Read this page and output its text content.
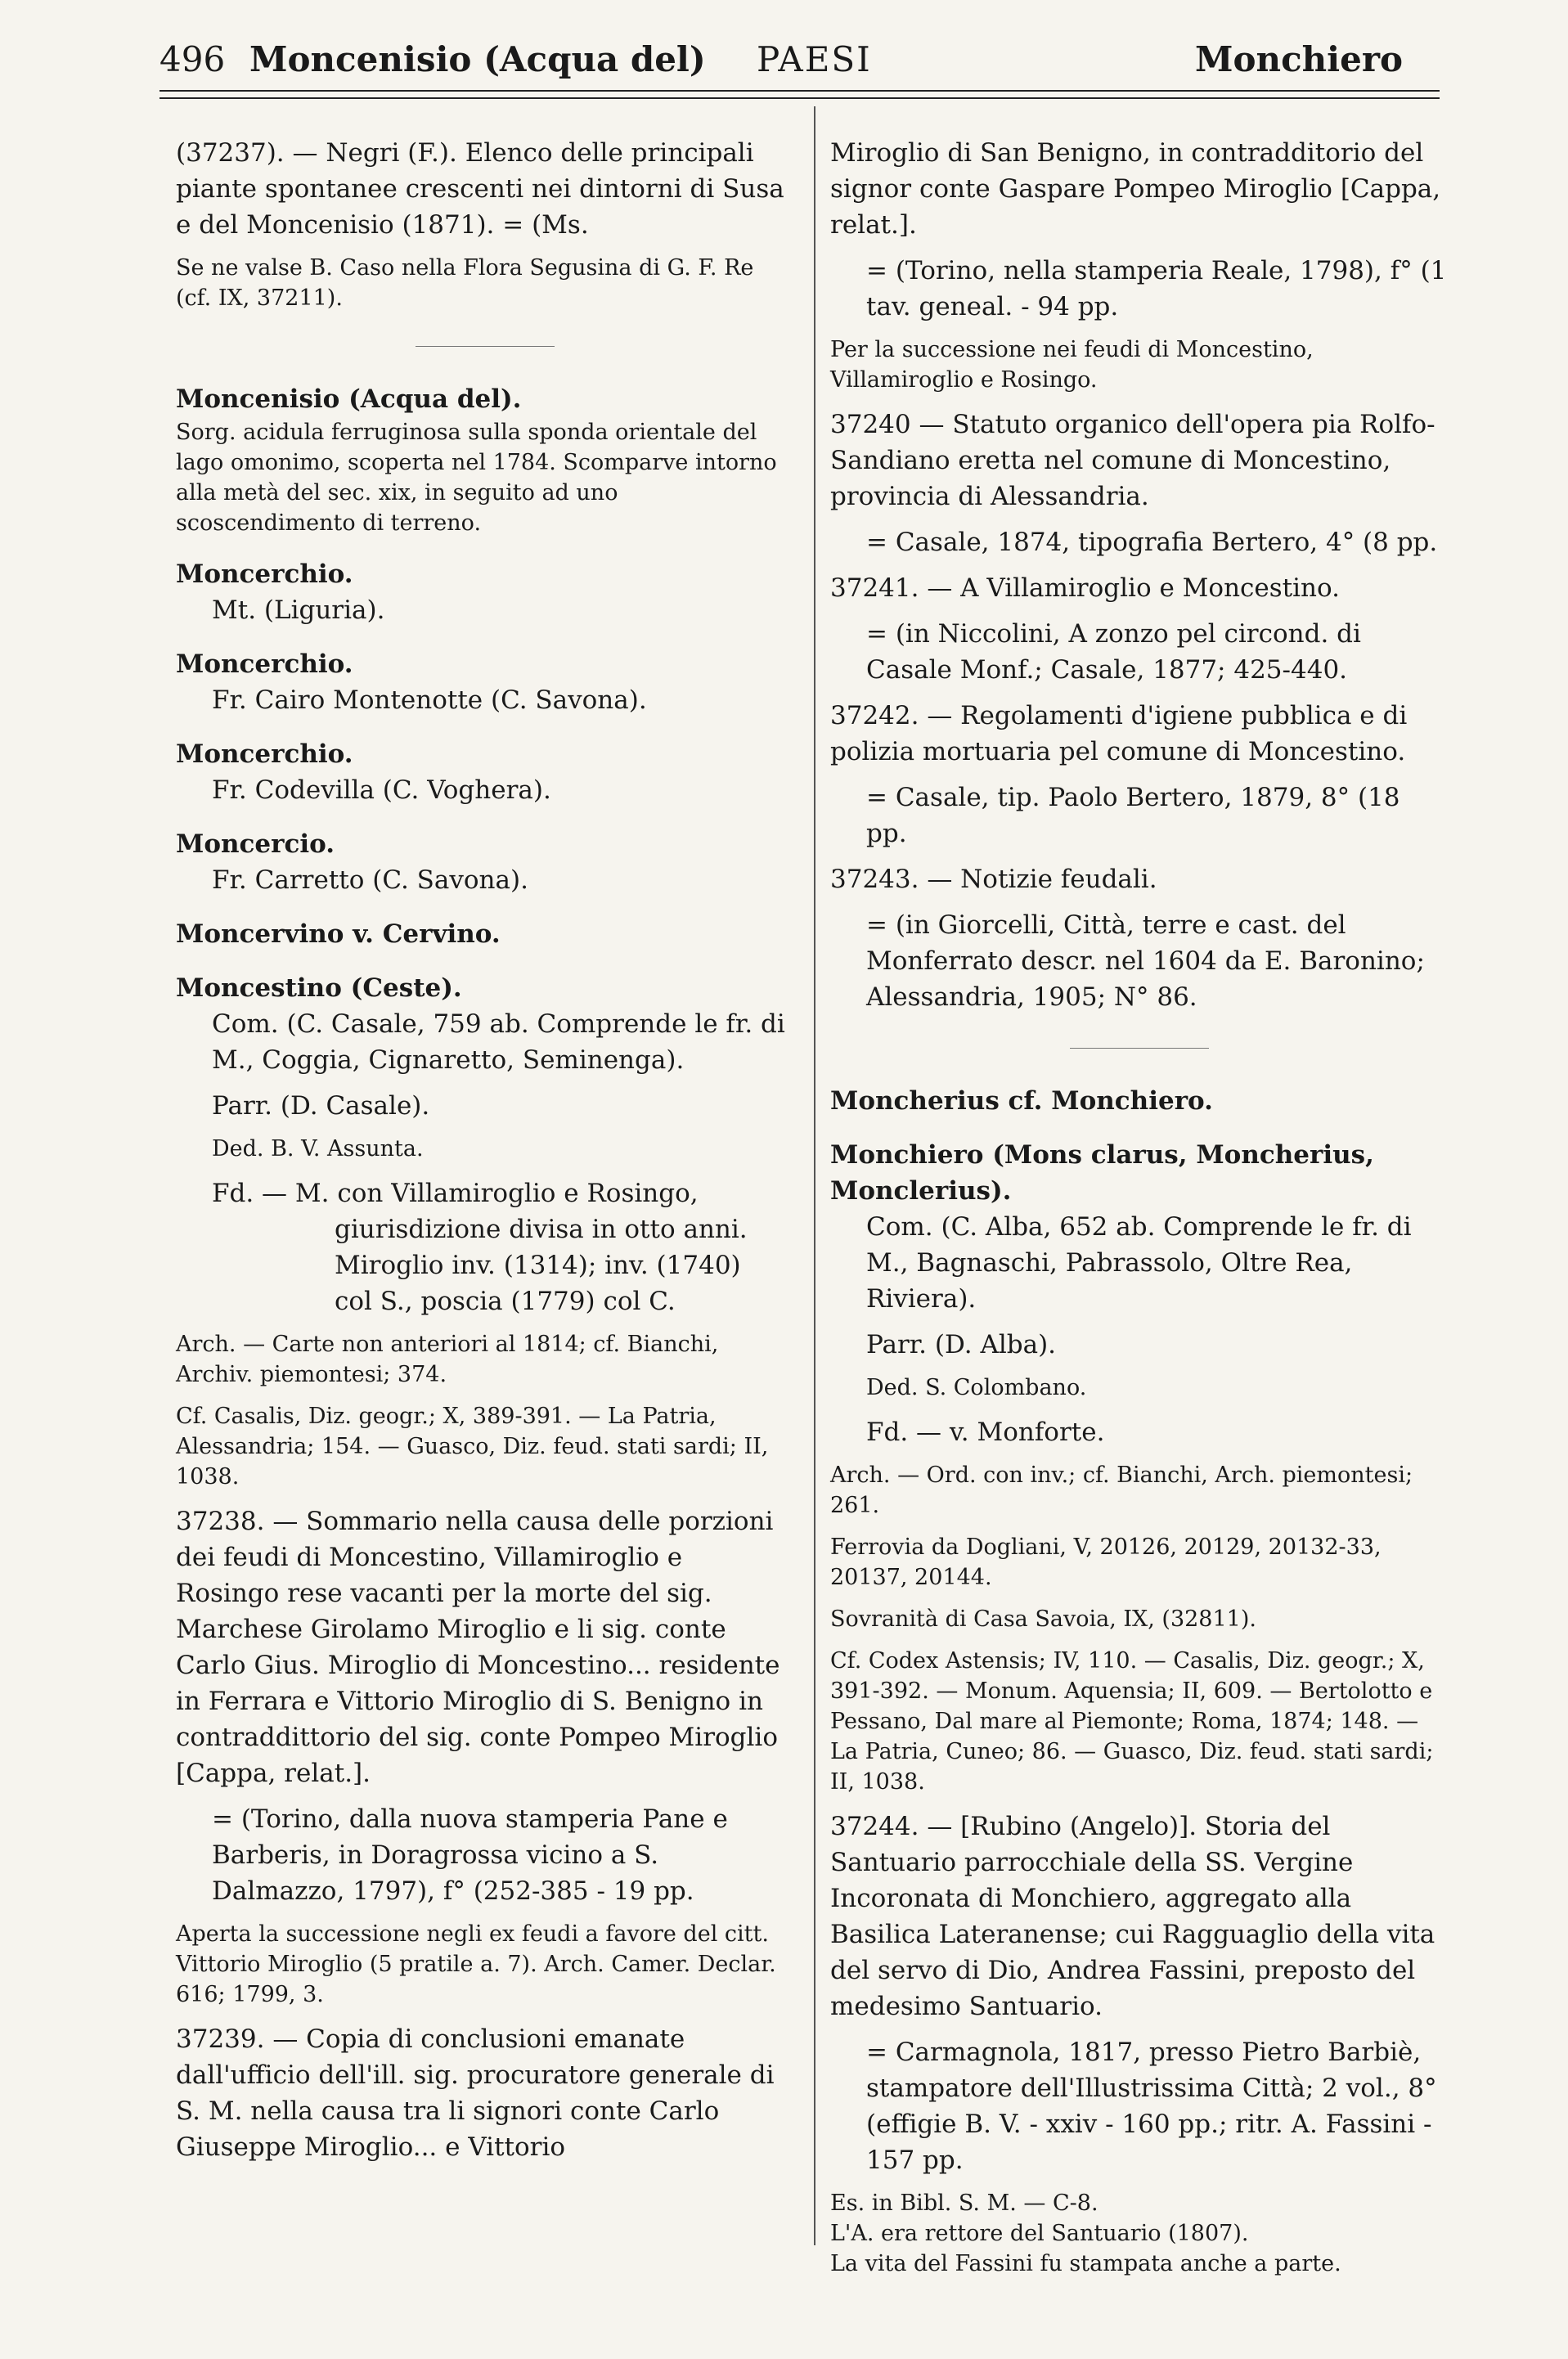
496 Moncenisio (Acqua del) PAESI	Monchiero

(37237). — Negri (F.). Elenco delle principali piante spontanee crescenti nei dintorni di Susa e del Moncenisio (1871). = (Ms.

Se ne valse B. Caso nella Flora Segusina di G. F. Re (cf. IX, 37211).

Moncenisio (Acqua del).

Sorg. acidula ferruginosa sulla sponda orientale del lago omonimo, scoperta nel 1784. Scomparve intorno alla metà del sec. xix, in seguito ad uno scoscendimento di terreno.

Moncerchio.
Mt. (Liguria).
Moncerchio.
Fr. Cairo Montenotte (C. Savona).
Moncerchio.
Fr. Codevilla (C. Voghera).
Moncercio.
Fr. Carretto (C. Savona).
Moncervino v. Cervino.
Moncestino (Ceste).
Com. (C. Casale, 759 ab. Comprende le fr. di M., Coggia, Cignaretto, Seminenga).
Parr. (D. Casale).
Ded. B. V. Assunta.

Fd. — M. con Villamiroglio e Rosingo,

giurisdizione divisa in otto anni.

Miroglio inv. (1314); inv. (1740)

col S., poscia (1779) col C.

Arch. — Carte non anteriori al 1814; cf. Bianchi, Archiv. piemontesi; 374.

Cf. Casalis, Diz. geogr.; X, 389-391. — La Patria, Alessandria; 154. — Guasco, Diz. feud. stati sardi; II, 1038.

37238. — Sommario nella causa delle porzioni dei feudi di Moncestino, Villamiroglio e Rosingo rese vacanti per la morte del sig. Marchese Girolamo Miroglio e li sig. conte Carlo Gius. Miroglio di Moncestino... residente in Ferrara e Vittorio Miroglio di S. Benigno in contraddittorio del sig. conte Pompeo Miroglio [Cappa, relat.].

= (Torino, dalla nuova stamperia Pane e Barberis, in Doragrossa vicino a S. Dalmazzo, 1797), f° (252-385 - 19 pp.

Aperta la successione negli ex feudi a favore del citt. Vittorio Miroglio (5 pratile a. 7). Arch. Camer. Declar. 616; 1799, 3.

37239. — Copia di conclusioni emanate dall'ufficio dell'ill. sig. procuratore generale di S. M. nella causa tra li signori conte Carlo Giuseppe Miroglio... e Vittorio

Miroglio di San Benigno, in contradditorio del signor conte Gaspare Pompeo Miroglio [Cappa, relat.].

= (Torino, nella stamperia Reale, 1798), f° (1 tav. geneal. - 94 pp.

Per la successione nei feudi di Moncestino, Villamiroglio e Rosingo.

37240 — Statuto organico dell'opera pia Rolfo-Sandiano eretta nel comune di Moncestino, provincia di Alessandria.

= Casale, 1874, tipografia Bertero, 4° (8 pp.

37241. — A Villamiroglio e Moncestino.

= (in Niccolini, A zonzo pel circond. di Casale Monf.; Casale, 1877; 425-440.

37242. — Regolamenti d'igiene pubblica e di polizia mortuaria pel comune di Moncestino.

= Casale, tip. Paolo Bertero, 1879, 8° (18 pp.

37243. — Notizie feudali.

= (in Giorcelli, Città, terre e cast. del Monferrato descr. nel 1604 da E. Baronino; Alessandria, 1905; N° 86.
Moncherius cf. Monchiero.
Monchiero (Mons clarus, Moncherius, Monclerius).
Com. (C. Alba, 652 ab. Comprende le fr. di M., Bagnaschi, Pabrassolo, Oltre Rea, Riviera).
Parr. (D. Alba).
Ded. S. Colombano.
Fd. — v. Monforte.

Arch. — Ord. con inv.; cf. Bianchi, Arch. piemontesi; 261.

Ferrovia da Dogliani, V, 20126, 20129, 20132-33, 20137, 20144.

Sovranità di Casa Savoia, IX, (32811).

Cf. Codex Astensis; IV, 110. — Casalis, Diz. geogr.; X, 391-392. — Monum. Aquensia; II, 609. — Bertolotto e Pessano, Dal mare al Piemonte; Roma, 1874; 148. — La Patria, Cuneo; 86. — Guasco, Diz. feud. stati sardi; II, 1038.

37244. — [Rubino (Angelo)]. Storia del Santuario parrocchiale della SS. Vergine Incoronata di Monchiero, aggregato alla Basilica Lateranense; cui Ragguaglio della vita del servo di Dio, Andrea Fassini, preposto del medesimo Santuario.

= Carmagnola, 1817, presso Pietro Barbiè, stampatore dell'Illustrissima Città; 2 vol., 8° (effigie B. V. - xxiv - 160 pp.; ritr. A. Fassini - 157 pp.

Es. in Bibl. S. M. — C-8.

L'A. era rettore del Santuario (1807).

La vita del Fassini fu stampata anche a parte.
